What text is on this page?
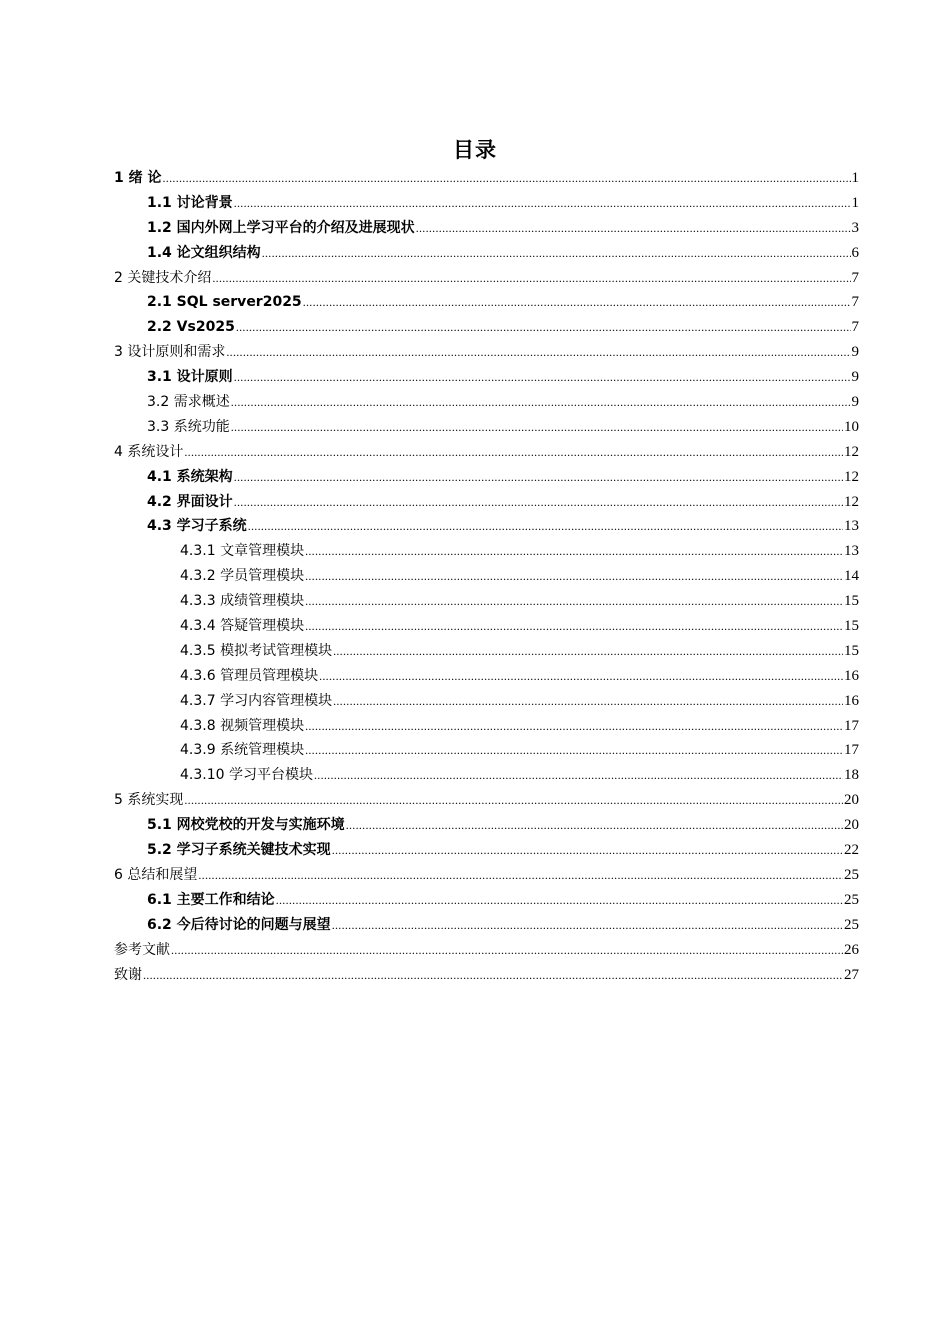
目录
1 绪 论 .....	1
1.1 讨论背景 .....	1
1.2 国内外网上学习平台的介绍及进展现状 .....	3
1.4 论文组织结构 .....	6
2 关键技术介绍 .....	7
2.1 SQL server2025 .....	7
2.2 Vs2025 .....	7
3 设计原则和需求 .....	9
3.1 设计原则 .....	9
3.2 需求概述 .....	9
3.3 系统功能 .....	10
4 系统设计 .....	12
4.1 系统架构 .....	12
4.2 界面设计 .....	12
4.3 学习子系统 .....	13
4.3.1 文章管理模块 .....	13
4.3.2 学员管理模块 .....	14
4.3.3 成绩管理模块 .....	15
4.3.4 答疑管理模块 .....	15
4.3.5 模拟考试管理模块 .....	15
4.3.6 管理员管理模块 .....	16
4.3.7 学习内容管理模块 .....	16
4.3.8 视频管理模块 .....	17
4.3.9 系统管理模块 .....	17
4.3.10 学习平台模块 .....	18
5 系统实现 .....	20
5.1 网校党校的开发与实施环境 .....	20
5.2 学习子系统关键技术实现 .....	22
6 总结和展望 .....	25
6.1 主要工作和结论 .....	25
6.2 今后待讨论的问题与展望 .....	25
参考文献 .....	26
致谢 .....	27
